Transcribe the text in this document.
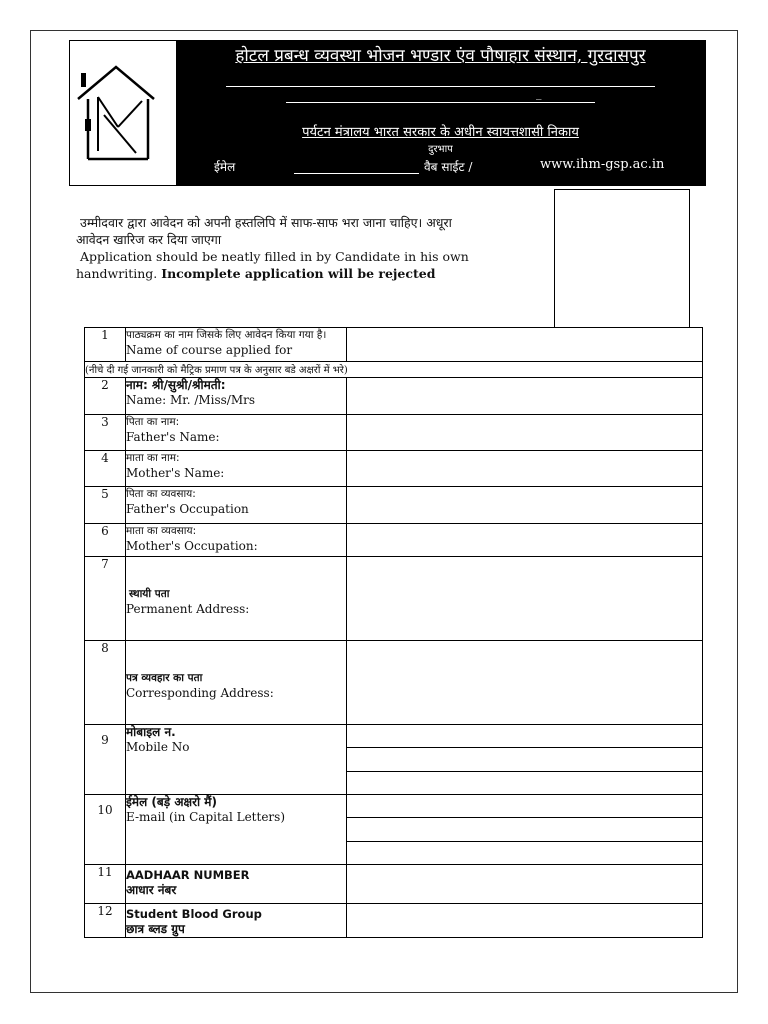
होटल प्रबन्ध व्यवस्था भोजन भण्डार एंव पौषाहार संस्थान, गुरदासपुर
_
पर्यटन मंत्रालय भारत सरकार के अधीन स्वायत्तशासी निकाय
दुरभाप
ईमेल	वैब साईट /	www.ihm-gsp.ac.in

उम्मीदवार द्वारा आवेदन को अपनी हस्तलिपि में साफ-साफ भरा जाना चाहिए। अधूरा

आवेदन खारिज कर दिया जाएगा

Application should be neatly filled in by Candidate in his own

handwriting. Incomplete application will be rejected

1	पाठ्यक्रम का नाम जिसके लिए आवेदन किया गया है।
Name of course applied for	

(नीचे दी गई जानकारी को मैट्रिक प्रमाण पत्र के अनुसार बडे अक्षरों में भरे)		
2	नाम: श्री/सुश्री/श्रीमती:
Name: Mr. /Miss/Mrs	

3	पिता का नाम:
Father's Name:	

4	माता का नाम:
Mother's Name:	

5	पिता का व्यवसाय:
Father's Occupation	

6	माता का व्यवसाय:
Mother's Occupation:	

7	स्थायी पता
Permanent Address:	

8	पत्र व्यवहार का पता
Corresponding Address:	

9	मोबाइल न.
Mobile No	

10	ईमेल (बड़े अक्षरो मैं)
E-mail (in Capital Letters)	

11	AADHAAR NUMBER
आधार नंबर	

12	Student Blood Group
छात्र ब्लड ग्रुप	
